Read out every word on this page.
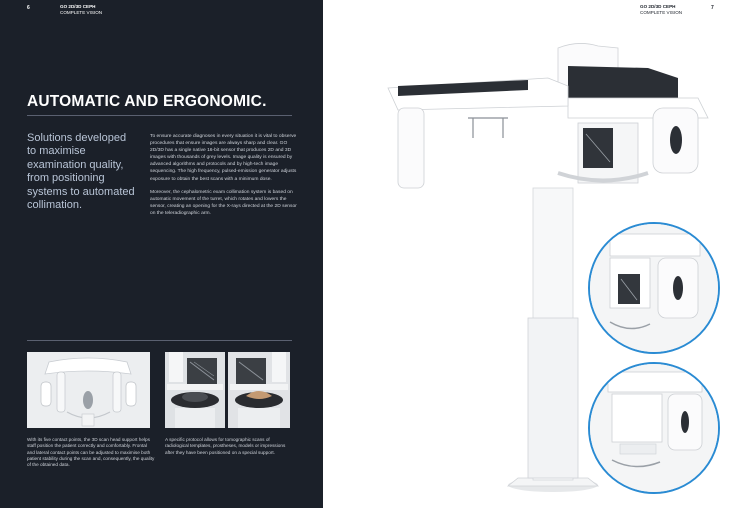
6	GO 2D/3D CEPH
COMPLETE VISION
AUTOMATIC AND ERGONOMIC.
Solutions developed to maximise examination quality, from positioning systems to automated collimation.

To ensure accurate diagnoses in every situation it is vital to observe procedures that ensure images are always sharp and clear. GO 2D/3D has a single native 16-bit sensor that produces 2D and 3D images with thousands of grey levels. Image quality is ensured by advanced algorithms and protocols and by high-tech image sequencing. The high frequency, pulsed-emission generator adjusts exposure to obtain the best scans with a minimum dose.

Moreover, the cephalometric exam collimation system is based on automatic movement of the turret, which rotates and lowers the sensor, creating an opening for the X-rays directed at the 2D sensor on the teleradiographic arm.

With its five contact points, the 3D scan head support helps staff position the patient correctly and comfortably. Frontal and lateral contact points can be adjusted to maximise both patient stability during the scan and, consequently, the quality of the obtained data.
A specific protocol allows for tomographic scans of radiological templates, prostheses, models or impressions after they have been positioned on a special support.
GO 2D/3D CEPH
COMPLETE VISION
7
